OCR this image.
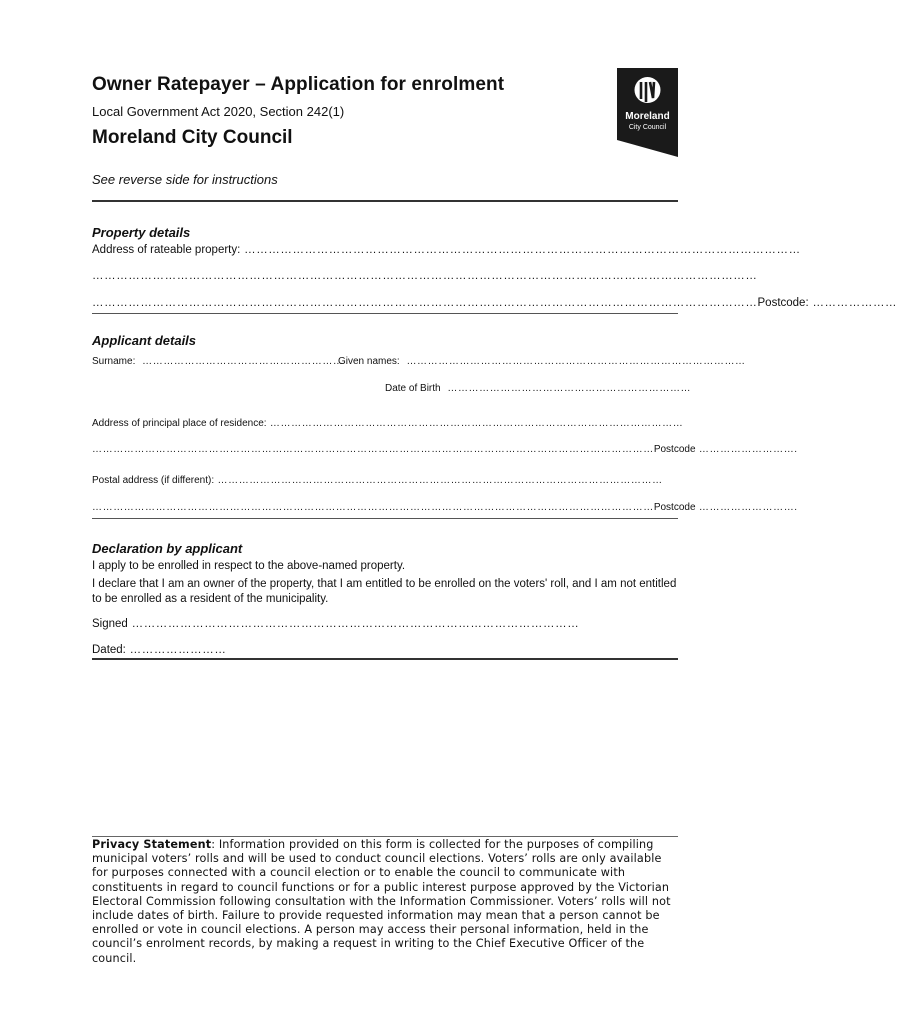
Owner Ratepayer – Application for enrolment
Local Government Act 2020, Section 242(1)
Moreland City Council
See reverse side for instructions
Moreland
City Council
Property details
Address of rateable property: …………………………………………………………………………………………………………………………
…………………………………………………………………………………………………………………………………………………
………………………………………………………………………………………………………………………………………………… Postcode: …………………
Applicant details
Surname: …………………………………………………
Given names: ……………………………………………………………………………………
Date of Birth ……………………………………………………………
Address of principal place of residence: ………………………………………………………………………………………………………
…………………………………………………………………………………………………………………………………………… Postcode ……………………….
Postal address (if different): ………………………………………………………………………………………………………………
…………………………………………………………………………………………………………………………………………… Postcode ……………………….
Declaration by applicant
I apply to be enrolled in respect to the above-named property.
I declare that I am an owner of the property, that I am entitled to be enrolled on the voters' roll, and I am not entitled to be enrolled as a resident of the municipality.
Signed …………………………………………………………………………………………………
Dated: ……………………
Privacy Statement: Information provided on this form is collected for the purposes of compiling municipal voters’ rolls and will be used to conduct council elections. Voters’ rolls are only available for purposes connected with a council election or to enable the council to communicate with constituents in regard to council functions or for a public interest purpose approved by the Victorian Electoral Commission following consultation with the Information Commissioner. Voters’ rolls will not include dates of birth. Failure to provide requested information may mean that a person cannot be enrolled or vote in council elections. A person may access their personal information, held in the council’s enrolment records, by making a request in writing to the Chief Executive Officer of the council.
